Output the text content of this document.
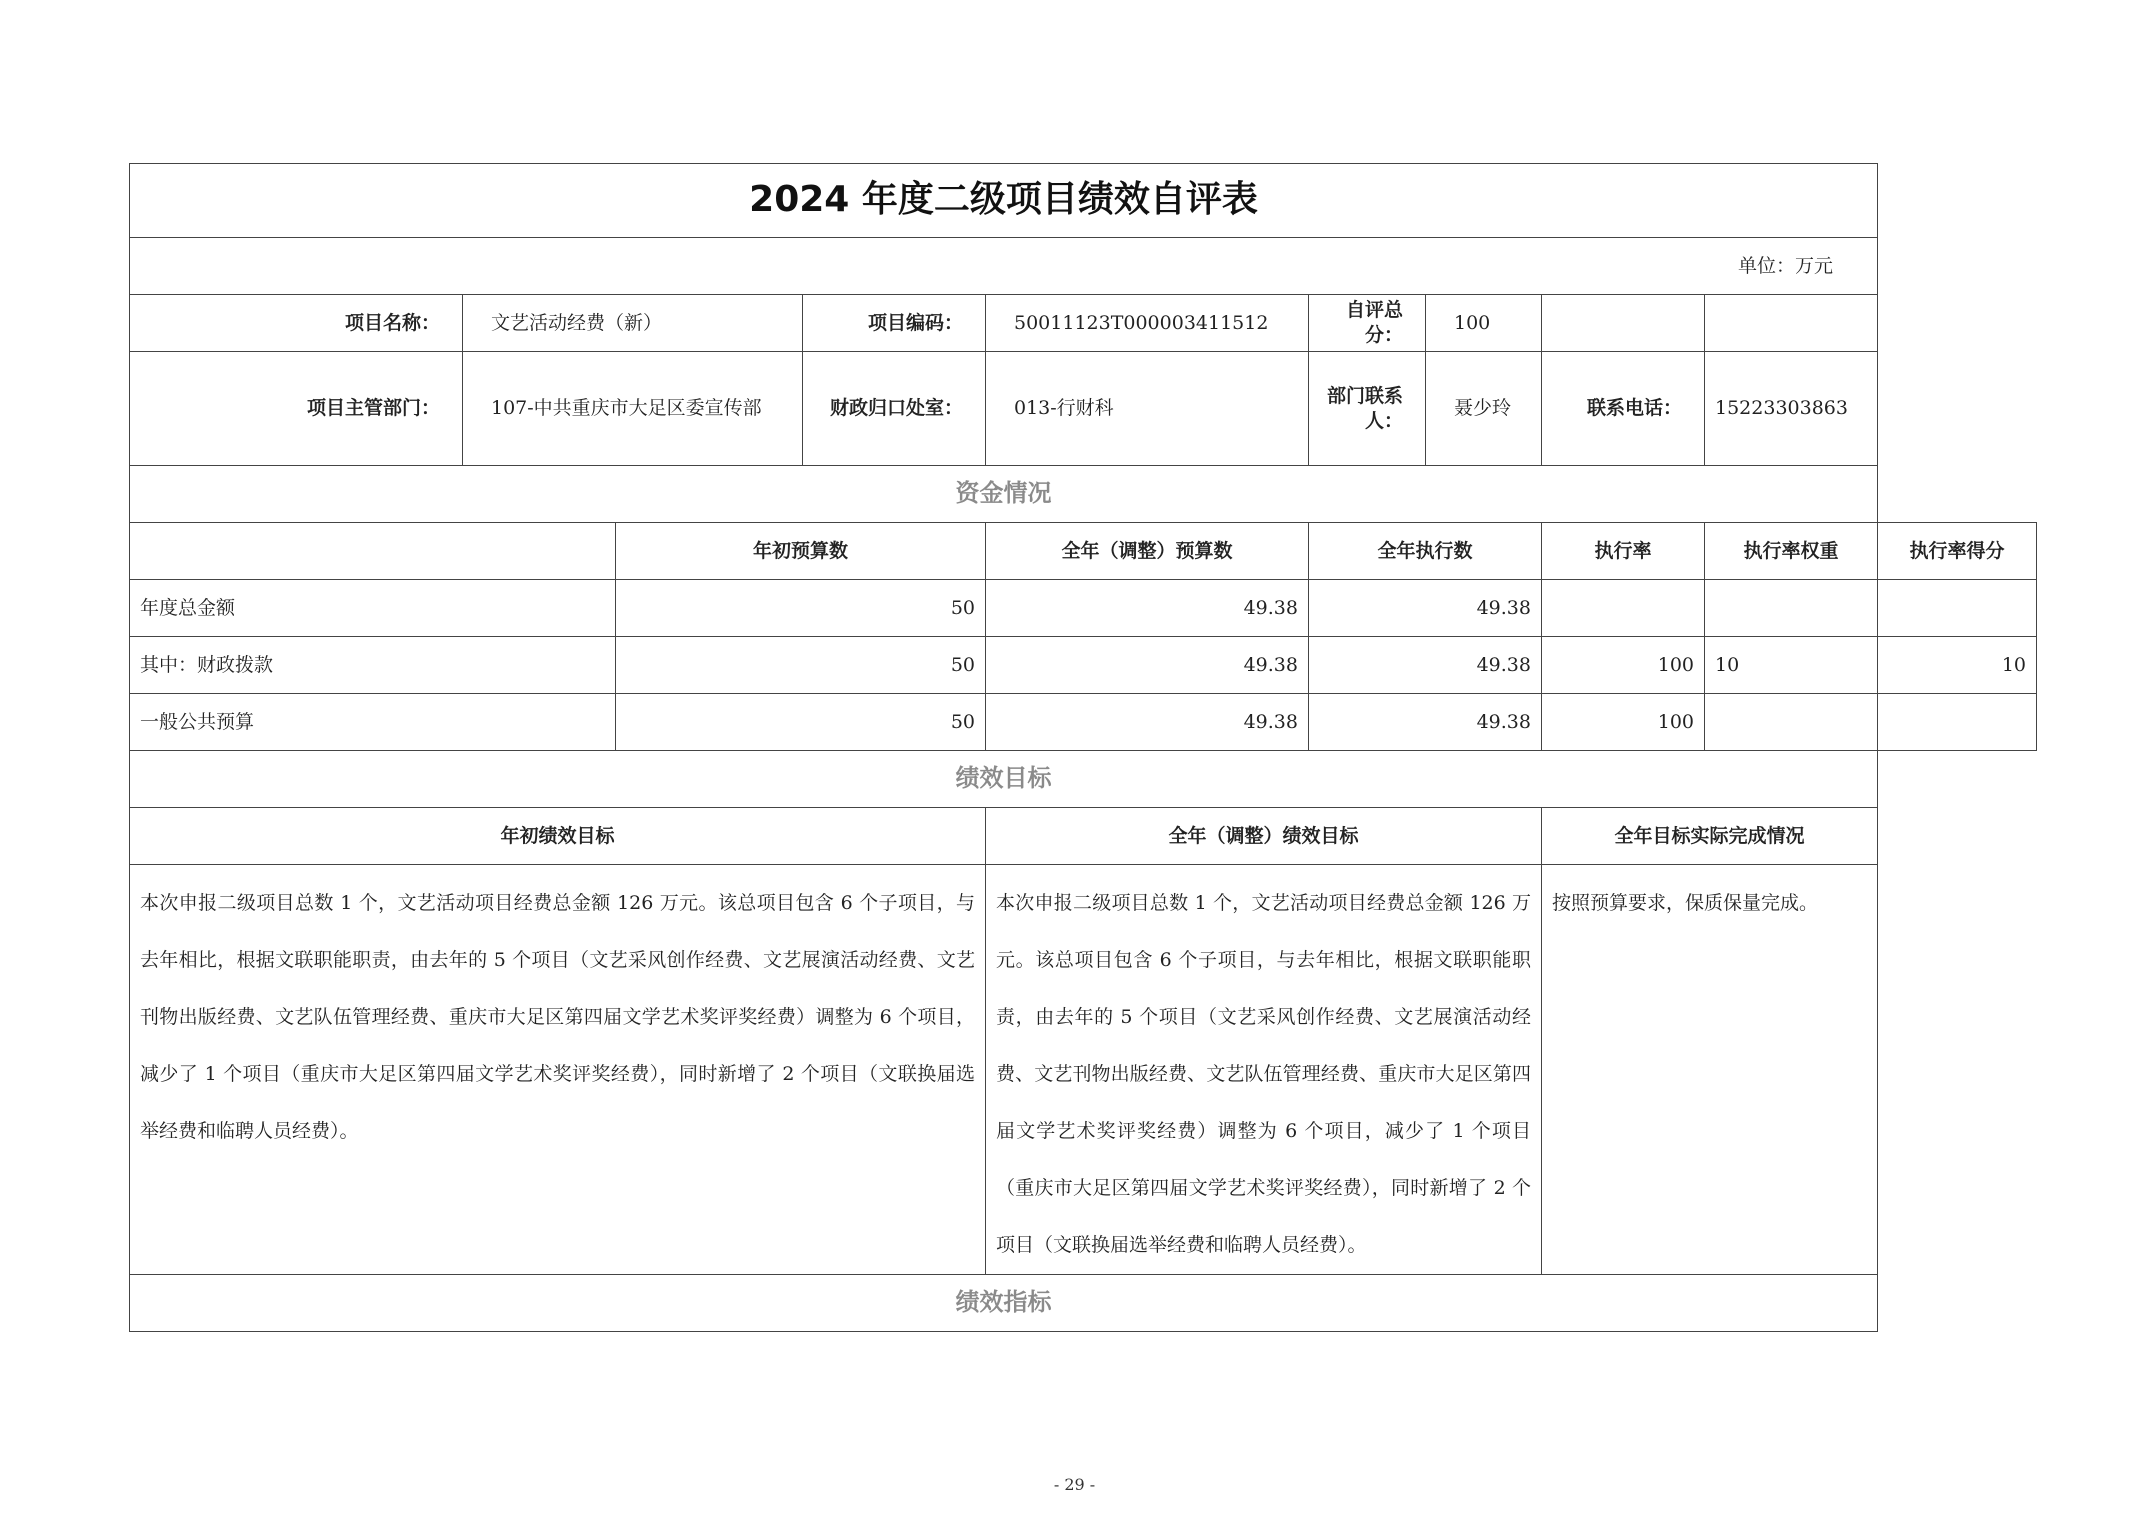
2024 年度二级项目绩效自评表									
单位：万元									
项目名称：	文艺活动经费（新）		项目编码：	50011123T000003411512	自评总分：	100			
项目主管部门：	107-中共重庆市大足区委宣传部		财政归口处室：	013-行财科	部门联系人：	聂少玲	联系电话：	15223303863	
资金情况									
		年初预算数		全年（调整）预算数	全年执行数		执行率	执行率权重	执行率得分
年度总金额		50		49.38	49.38				
其中：财政拨款		50		49.38	49.38		100	10	10
一般公共预算		50		49.38	49.38		100		
绩效目标									
年初绩效目标				全年（调整）绩效目标			全年目标实际完成情况		
本次申报二级项目总数 1 个，文艺活动项目经费总金额 126 万元。该总项目包含 6 个子项目，与去年相比，根据文联职能职责，由去年的 5 个项目（文艺采风创作经费、文艺展演活动经费、文艺刊物出版经费、文艺队伍管理经费、重庆市大足区第四届文学艺术奖评奖经费）调整为 6 个项目，减少了 1 个项目（重庆市大足区第四届文学艺术奖评奖经费），同时新增了 2 个项目（文联换届选举经费和临聘人员经费）。				本次申报二级项目总数 1 个，文艺活动项目经费总金额 126 万元。该总项目包含 6 个子项目，与去年相比，根据文联职能职责，由去年的 5 个项目（文艺采风创作经费、文艺展演活动经费、文艺刊物出版经费、文艺队伍管理经费、重庆市大足区第四届文学艺术奖评奖经费）调整为 6 个项目，减少了 1 个项目（重庆市大足区第四届文学艺术奖评奖经费），同时新增了 2 个项目（文联换届选举经费和临聘人员经费）。			按照预算要求，保质保量完成。		
绩效指标									
- 29 -
